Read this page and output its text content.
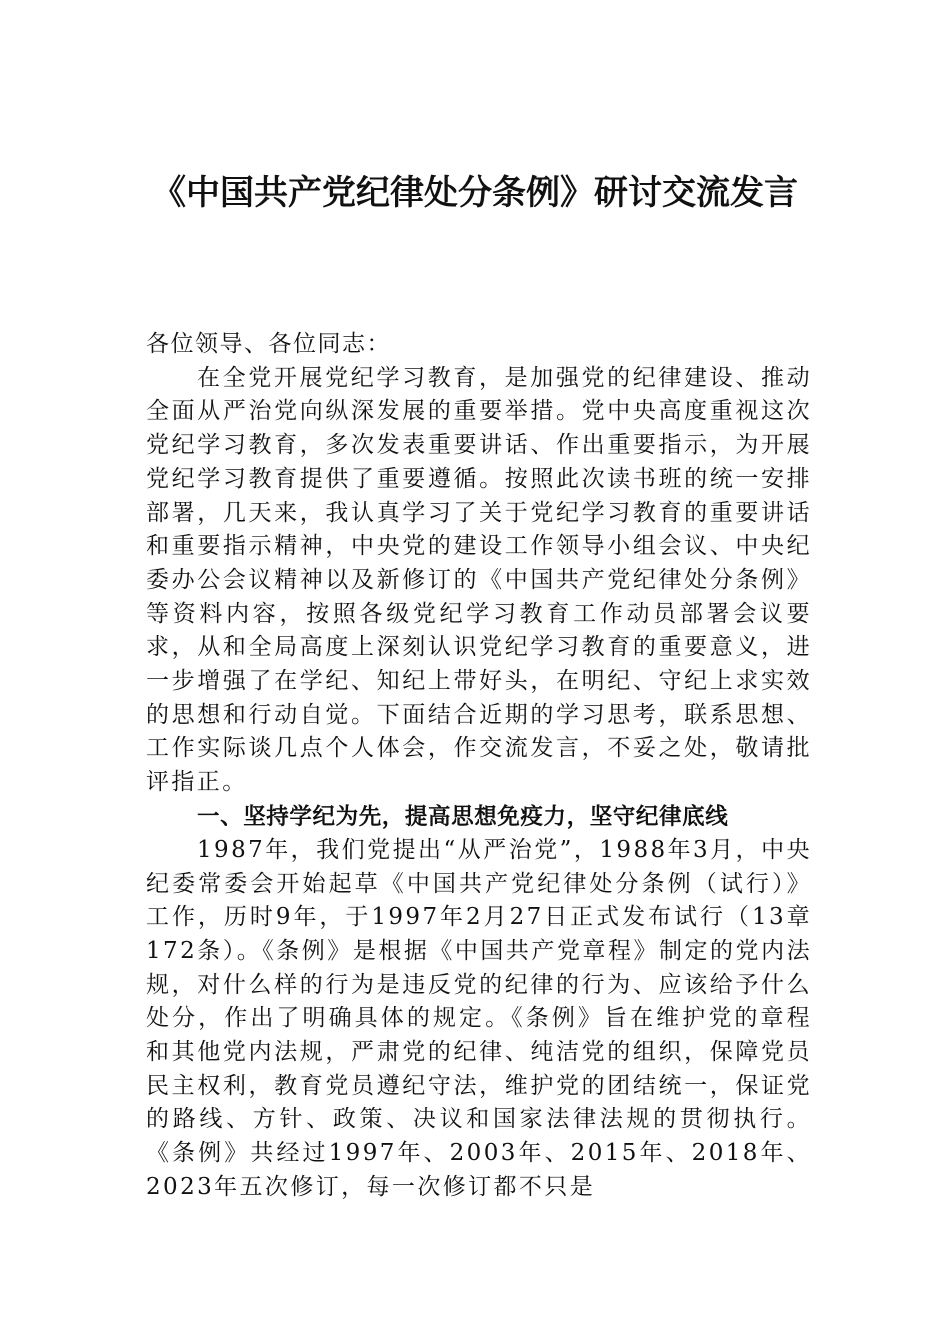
《中国共产党纪律处分条例》研讨交流发言

各位领导、各位同志：

在全党开展党纪学习教育，是加强党的纪律建设、推动全面从严治党向纵深发展的重要举措。党中央高度重视这次党纪学习教育，多次发表重要讲话、作出重要指示，为开展党纪学习教育提供了重要遵循。按照此次读书班的统一安排部署，几天来，我认真学习了关于党纪学习教育的重要讲话和重要指示精神，中央党的建设工作领导小组会议、中央纪委办公会议精神以及新修订的《中国共产党纪律处分条例》等资料内容，按照各级党纪学习教育工作动员部署会议要求，从和全局高度上深刻认识党纪学习教育的重要意义，进一步增强了在学纪、知纪上带好头，在明纪、守纪上求实效的思想和行动自觉。下面结合近期的学习思考，联系思想、工作实际谈几点个人体会，作交流发言，不妥之处，敬请批评指正。

一、坚持学纪为先，提高思想免疫力，坚守纪律底线

1987年，我们党提出“从严治党”，1988年3月，中央纪委常委会开始起草《中国共产党纪律处分条例（试行）》工作，历时9年，于1997年2月27日正式发布试行（13章172条）。《条例》是根据《中国共产党章程》制定的党内法规，对什么样的行为是违反党的纪律的行为、应该给予什么处分，作出了明确具体的规定。《条例》旨在维护党的章程和其他党内法规，严肃党的纪律、纯洁党的组织，保障党员民主权利，教育党员遵纪守法，维护党的团结统一，保证党的路线、方针、政策、决议和国家法律法规的贯彻执行。《条例》共经过1997年、2003年、2015年、2018年、2023年五次修订，每一次修订都不只是
